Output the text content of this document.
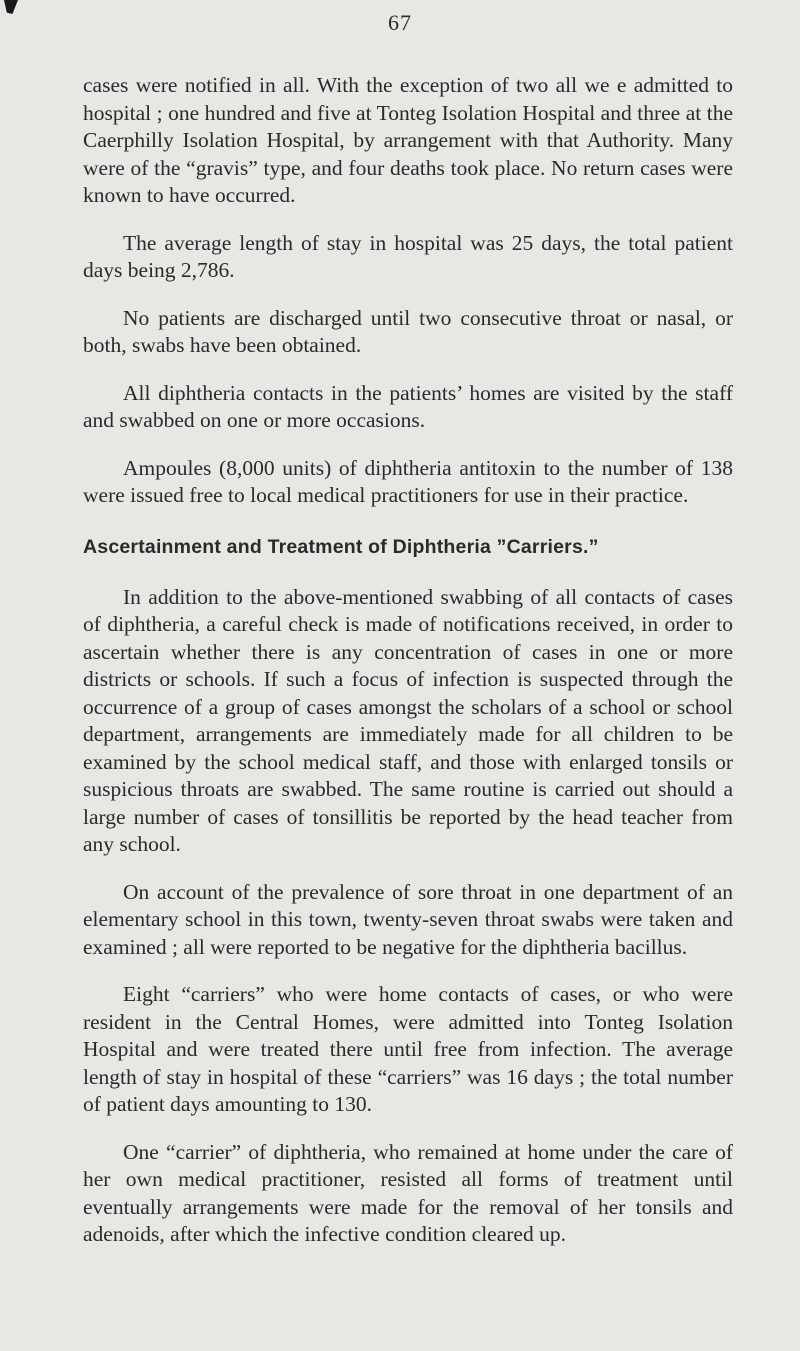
67

cases were notified in all. With the exception of two all we e admitted to hospital ; one hundred and five at Tonteg Isolation Hospital and three at the Caerphilly Isolation Hospital, by arrangement with that Authority. Many were of the “gravis” type, and four deaths took place. No return cases were known to have occurred.

The average length of stay in hospital was 25 days, the total patient days being 2,786.

No patients are discharged until two consecutive throat or nasal, or both, swabs have been obtained.

All diphtheria contacts in the patients’ homes are visited by the staff and swabbed on one or more occasions.

Ampoules (8,000 units) of diphtheria antitoxin to the number of 138 were issued free to local medical practitioners for use in their practice.

Ascertainment and Treatment of Diphtheria ”Carriers.”

In addition to the above-mentioned swabbing of all contacts of cases of diphtheria, a careful check is made of notifications received, in order to ascertain whether there is any concentration of cases in one or more districts or schools. If such a focus of infection is suspected through the occurrence of a group of cases amongst the scholars of a school or school department, arrangements are immediately made for all children to be examined by the school medical staff, and those with enlarged tonsils or suspicious throats are swabbed. The same routine is carried out should a large number of cases of tonsillitis be reported by the head teacher from any school.

On account of the prevalence of sore throat in one department of an elementary school in this town, twenty-seven throat swabs were taken and examined ; all were reported to be negative for the diphtheria bacillus.

Eight “carriers” who were home contacts of cases, or who were resident in the Central Homes, were admitted into Tonteg Isolation Hospital and were treated there until free from infection. The average length of stay in hospital of these “carriers” was 16 days ; the total number of patient days amounting to 130.

One “carrier” of diphtheria, who remained at home under the care of her own medical practitioner, resisted all forms of treatment until eventually arrangements were made for the removal of her tonsils and adenoids, after which the infective condition cleared up.
